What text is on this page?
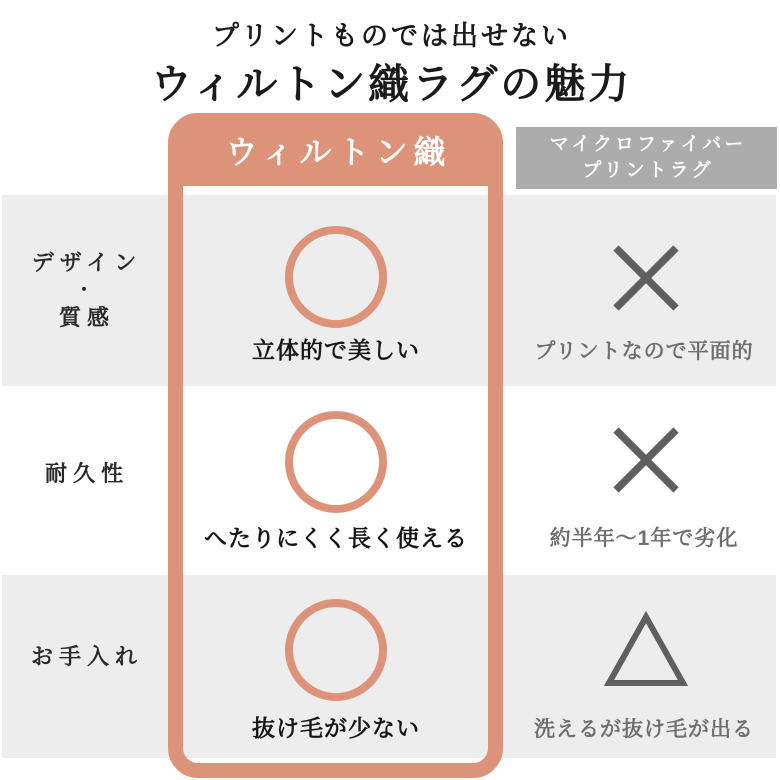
プリントものでは出せない
ウィルトン織ラグの魅力
ウィルトン織	マイクロファイバー
プリントラグ
デザイン
・
質感
耐久性
お手入れ
立体的で美しい
へたりにくく長く使える
抜け毛が少ない
プリントなので平面的
約半年〜1年で劣化
洗えるが抜け毛が出る
